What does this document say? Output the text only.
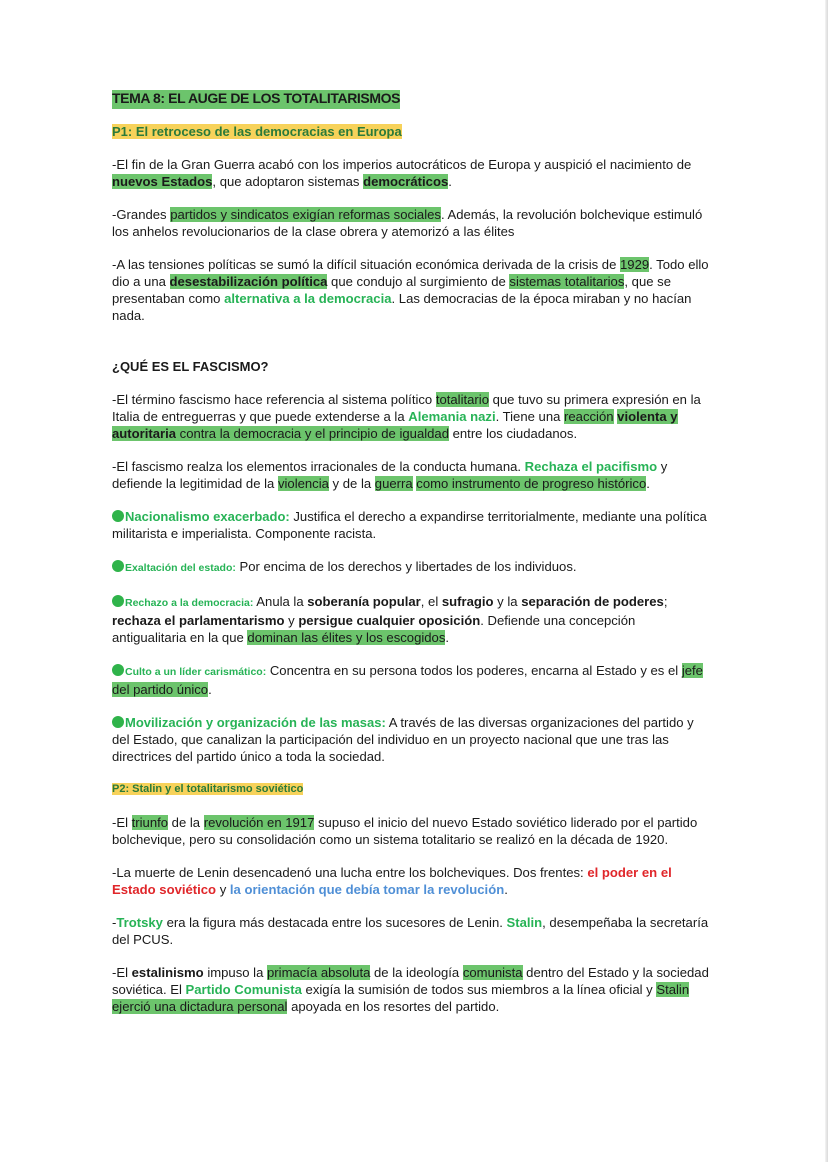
TEMA 8: EL AUGE DE LOS TOTALITARISMOS
P1: El retroceso de las democracias en Europa

-El fin de la Gran Guerra acabó con los imperios autocráticos de Europa y auspició el nacimiento de nuevos Estados, que adoptaron sistemas democráticos.

-Grandes partidos y sindicatos exigían reformas sociales. Además, la revolución bolchevique estimuló los anhelos revolucionarios de la clase obrera y atemorizó a las élites

-A las tensiones políticas se sumó la difícil situación económica derivada de la crisis de 1929. Todo ello dio a una desestabilización política que condujo al surgimiento de sistemas totalitarios, que se presentaban como alternativa a la democracia. Las democracias de la época miraban y no hacían nada.

¿QUÉ ES EL FASCISMO?

-El término fascismo hace referencia al sistema político totalitario que tuvo su primera expresión en la Italia de entreguerras y que puede extenderse a la Alemania nazi. Tiene una reacción violenta y autoritaria contra la democracia y el principio de igualdad entre los ciudadanos.

-El fascismo realza los elementos irracionales de la conducta humana. Rechaza el pacifismo y defiende la legitimidad de la violencia y de la guerra como instrumento de progreso histórico.

Nacionalismo exacerbado: Justifica el derecho a expandirse territorialmente, mediante una política militarista e imperialista. Componente racista.

Exaltación del estado: Por encima de los derechos y libertades de los individuos.

Rechazo a la democracia: Anula la soberanía popular, el sufragio y la separación de poderes; rechaza el parlamentarismo y persigue cualquier oposición. Defiende una concepción antigualitaria en la que dominan las élites y los escogidos.

Culto a un líder carismático: Concentra en su persona todos los poderes, encarna al Estado y es el jefe del partido único.

Movilización y organización de las masas: A través de las diversas organizaciones del partido y del Estado, que canalizan la participación del individuo en un proyecto nacional que une tras las directrices del partido único a toda la sociedad.

P2: Stalin y el totalitarismo soviético

-El triunfo de la revolución en 1917 supuso el inicio del nuevo Estado soviético liderado por el partido bolchevique, pero su consolidación como un sistema totalitario se realizó en la década de 1920.

-La muerte de Lenin desencadenó una lucha entre los bolcheviques. Dos frentes: el poder en el Estado soviético y la orientación que debía tomar la revolución.

-Trotsky era la figura más destacada entre los sucesores de Lenin. Stalin, desempeñaba la secretaría del PCUS.

-El estalinismo impuso la primacía absoluta de la ideología comunista dentro del Estado y la sociedad soviética. El Partido Comunista exigía la sumisión de todos sus miembros a la línea oficial y Stalin ejerció una dictadura personal apoyada en los resortes del partido.
